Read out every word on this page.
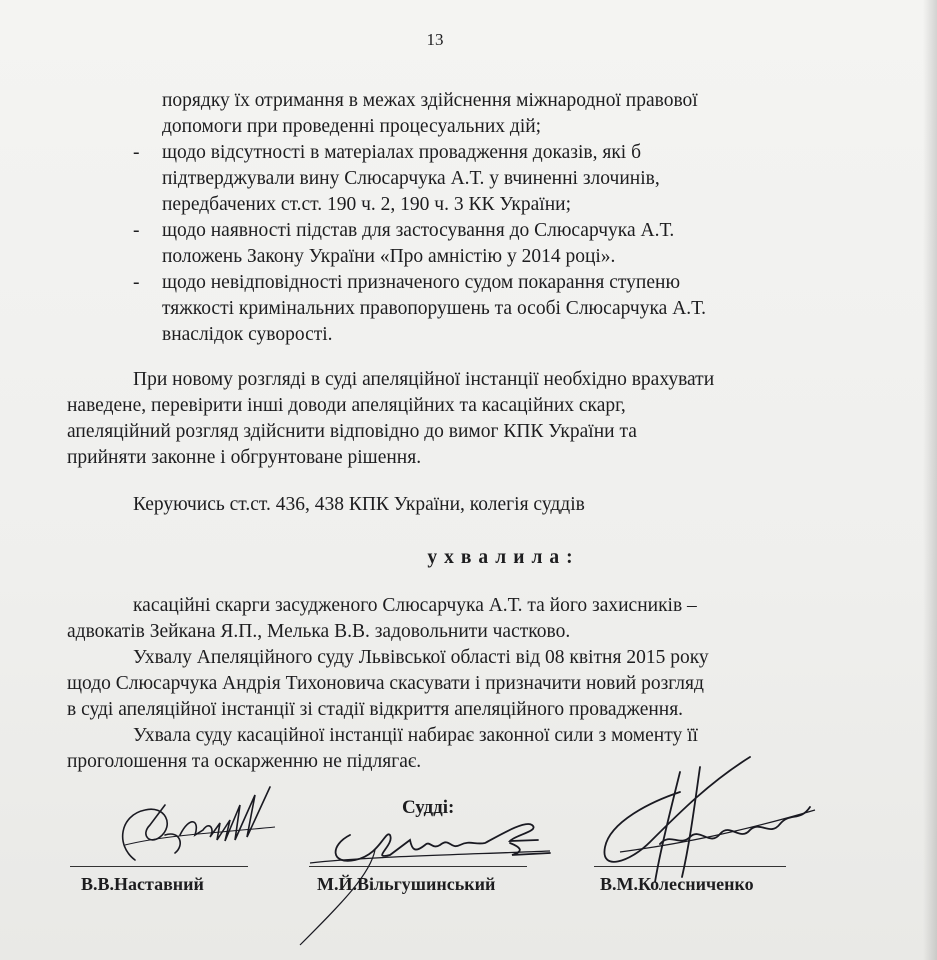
13
порядку їх отримання в межах здійснення міжнародної правової
допомоги при проведенні процесуальних дій;
- щодо відсутності в матеріалах провадження доказів, які б
підтверджували вину Слюсарчука А.Т. у вчиненні злочинів,
передбачених ст.ст. 190 ч. 2, 190 ч. 3 КК України;
- щодо наявності підстав для застосування до Слюсарчука А.Т.
положень Закону України «Про амністію у 2014 році».
- щодо невідповідності призначеного судом покарання ступеню
тяжкості кримінальних правопорушень та особі Слюсарчука А.Т.
внаслідок суворості.
При новому розгляді в суді апеляційної інстанції необхідно врахувати
наведене, перевірити інші доводи апеляційних та касаційних скарг,
апеляційний розгляд здійснити відповідно до вимог КПК України та
прийняти законне і обгрунтоване рішення.
Керуючись ст.ст. 436, 438 КПК України, колегія суддів
ухвалила:
касаційні скарги засудженого Слюсарчука А.Т. та його захисників –
адвокатів Зейкана Я.П., Мелька В.В. задовольнити частково.
Ухвалу Апеляційного суду Львівської області від 08 квітня 2015 року
щодо Слюсарчука Андрія Тихоновича скасувати і призначити новий розгляд
в суді апеляційної інстанції зі стадії відкриття апеляційного провадження.
Ухвала суду касаційної інстанції набирає законної сили з моменту її
проголошення та оскарженню не підлягає.
Судді:
В.В.Наставний	М.Й.Вільгушинський	В.М.Колесниченко
